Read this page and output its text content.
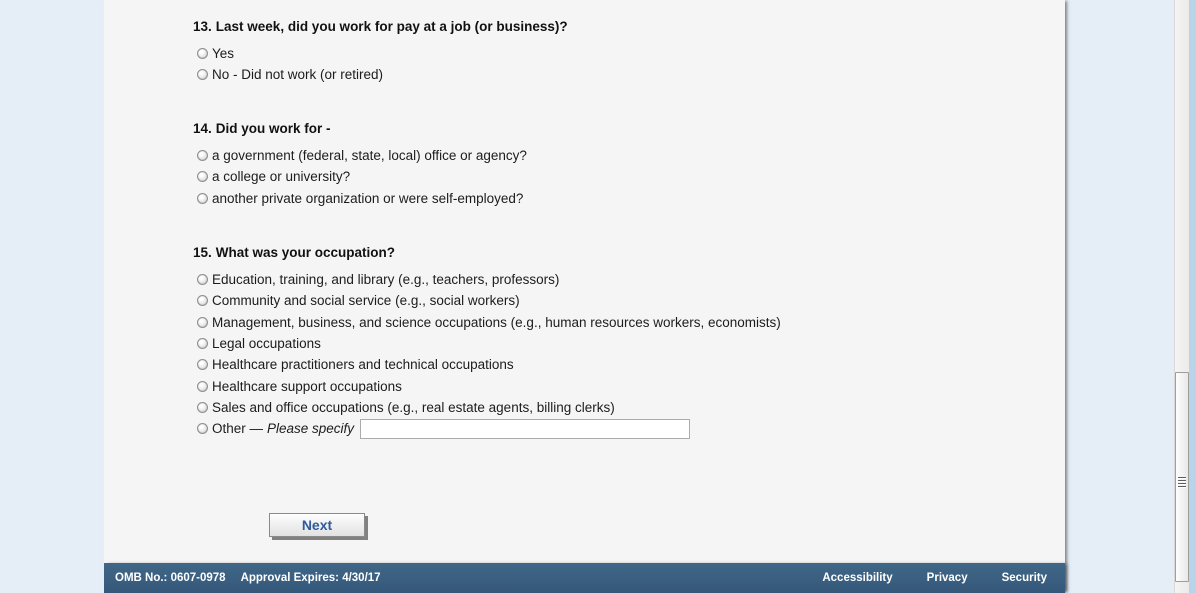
13. Last week, did you work for pay at a job (or business)?
Yes
No - Did not work (or retired)
14. Did you work for -
a government (federal, state, local) office or agency?
a college or university?
another private organization or were self-employed?
15. What was your occupation?
Education, training, and library (e.g., teachers, professors)
Community and social service (e.g., social workers)
Management, business, and science occupations (e.g., human resources workers, economists)
Legal occupations
Healthcare practitioners and technical occupations
Healthcare support occupations
Sales and office occupations (e.g., real estate agents, billing clerks)
Other — Please specify
Next
OMB No.: 0607-0978 Approval Expires: 4/30/17	Accessibility	Privacy	Security
